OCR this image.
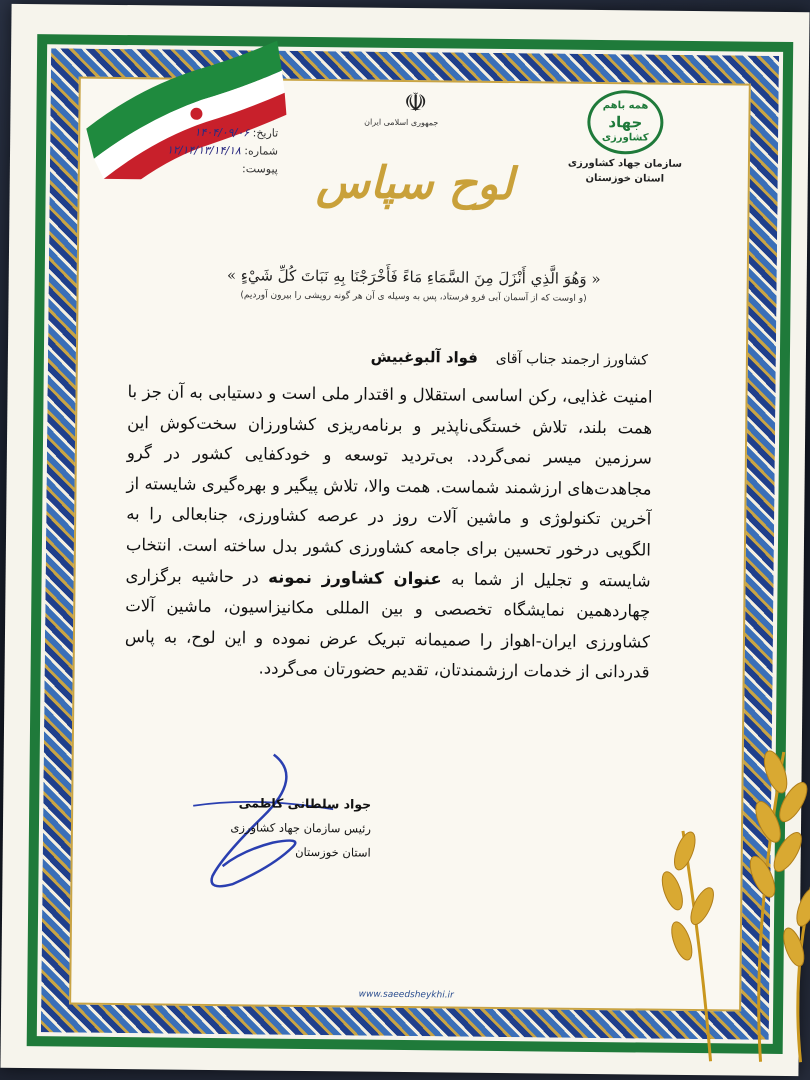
☫
جمهوری اسلامی ایران
همه باهم
جهاد
کشاورزی
سازمان جهاد کشاورزی
استان خوزستان
تاریخ: ۱۴۰۴/۰۹/۰۶
شماره: ۱۲/۱۴/۱۳/۱۴/۱۸
پیوست: لوح سپاس
« وَهُوَ الَّذِي أَنْزَلَ مِنَ السَّمَاءِ مَاءً فَأَخْرَجْنَا بِهِ نَبَاتَ كُلِّ شَيْءٍ »
(و اوست که از آسمان آبی فرو فرستاد، پس به وسیله ی آن هر گونه رویشی را بیرون آوردیم)
کشاورز ارجمند جناب آقای    فواد آلبوغبیش
امنیت غذایی، رکن اساسی استقلال و اقتدار ملی است و دستیابی به آن جز با همت بلند، تلاش خستگی‌ناپذیر و برنامه‌ریزی کشاورزان سخت‌کوش این سرزمین میسر نمی‌گردد. بی‌تردید توسعه و خودکفایی کشور در گرو مجاهدت‌های ارزشمند شماست. همت والا، تلاش پیگیر و بهره‌گیری شایسته از آخرین تکنولوژی و ماشین آلات روز در عرصه کشاورزی، جنابعالی را به الگویی درخور تحسین برای جامعه کشاورزی کشور بدل ساخته است. انتخاب شایسته و تجلیل از شما به عنوان کشاورز نمونه در حاشیه برگزاری چهاردهمین نمایشگاه تخصصی و بین المللی مکانیزاسیون، ماشین آلات کشاورزی ایران-اهواز را صمیمانه تبریک عرض نموده و این لوح، به پاس قدردانی از خدمات ارزشمندتان، تقدیم حضورتان می‌گردد.
جواد سلطانی کاظمی
رئیس سازمان جهاد کشاورزی
استان خوزستان
www.saeedsheykhi.ir
